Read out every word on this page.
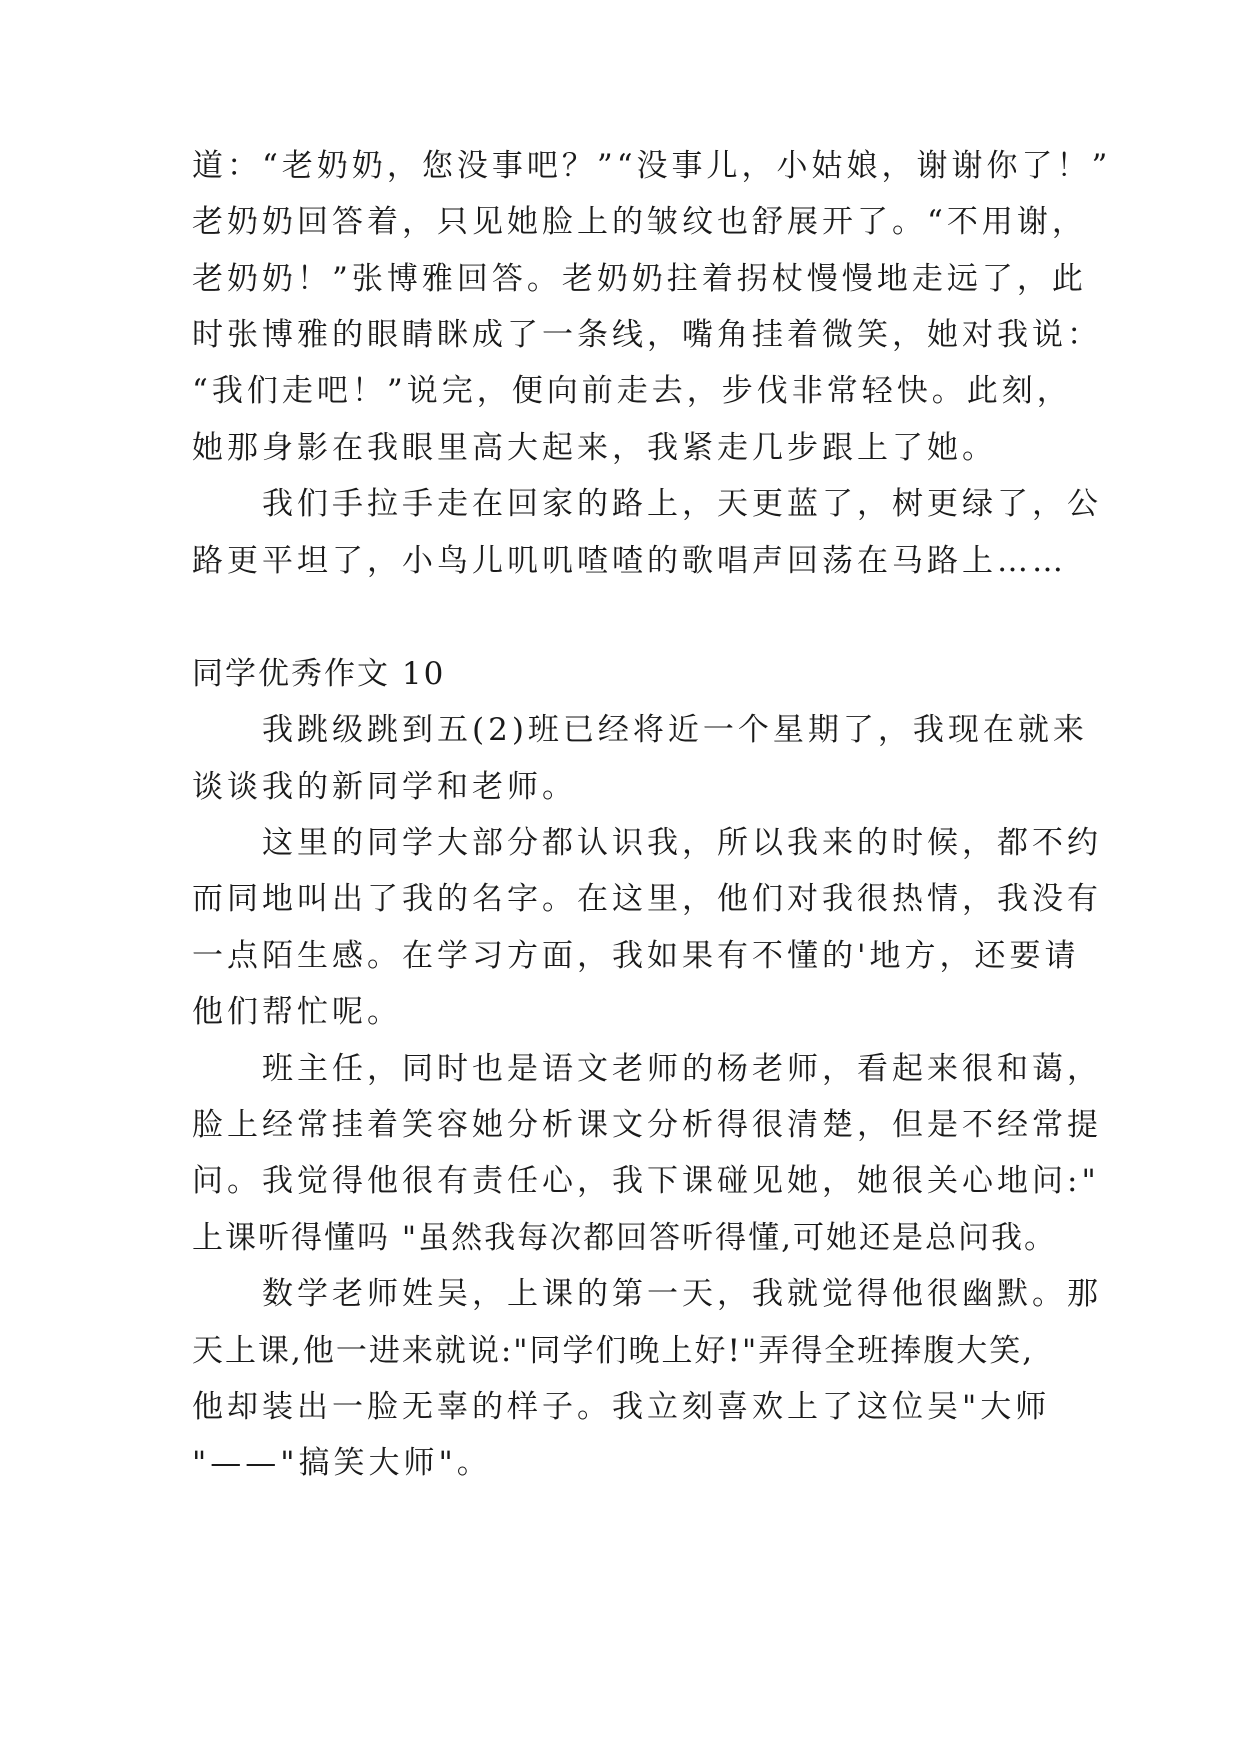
道：“老奶奶，您没事吧？”“没事儿，小姑娘，谢谢你了！”
老奶奶回答着，只见她脸上的皱纹也舒展开了。“不用谢，
老奶奶！”张博雅回答。老奶奶拄着拐杖慢慢地走远了，此
时张博雅的眼睛眯成了一条线，嘴角挂着微笑，她对我说：
“我们走吧！”说完，便向前走去，步伐非常轻快。此刻，
她那身影在我眼里高大起来，我紧走几步跟上了她。
　　我们手拉手走在回家的路上，天更蓝了，树更绿了，公
路更平坦了，小鸟儿叽叽喳喳的歌唱声回荡在马路上……
同学优秀作文 10
　　我跳级跳到五(2)班已经将近一个星期了，我现在就来
谈谈我的新同学和老师。
　　这里的同学大部分都认识我，所以我来的时候，都不约
而同地叫出了我的名字。在这里，他们对我很热情，我没有
一点陌生感。在学习方面，我如果有不懂的'地方，还要请
他们帮忙呢。
　　班主任，同时也是语文老师的杨老师，看起来很和蔼，
脸上经常挂着笑容她分析课文分析得很清楚，但是不经常提
问。我觉得他很有责任心，我下课碰见她，她很关心地问:"
上课听得懂吗 "虽然我每次都回答听得懂,可她还是总问我。
　　数学老师姓吴，上课的第一天，我就觉得他很幽默。那
天上课,他一进来就说:"同学们晚上好!"弄得全班捧腹大笑,
他却装出一脸无辜的样子。我立刻喜欢上了这位吴"大师
"——"搞笑大师"。
